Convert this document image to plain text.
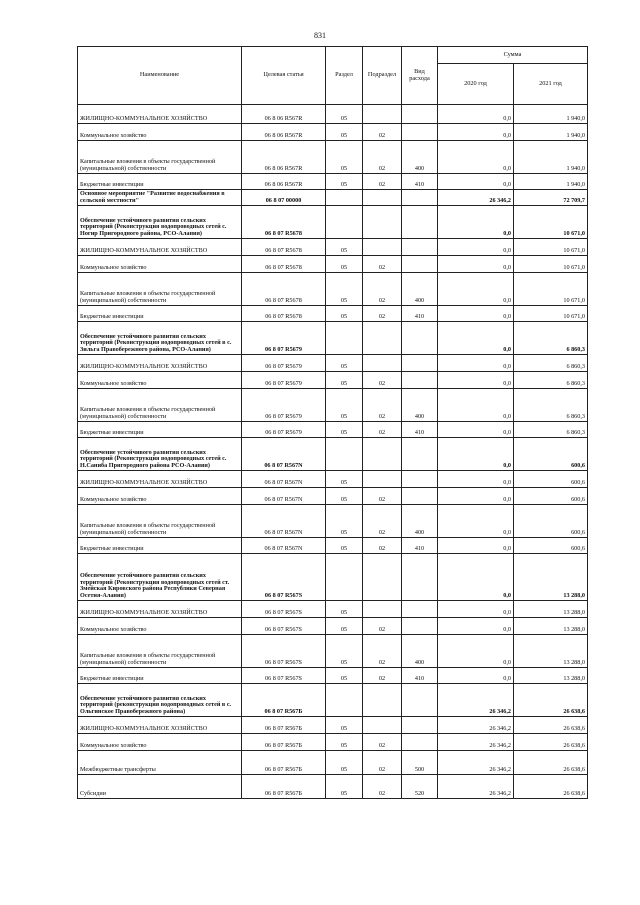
831
Наименование	Целевая статья	Раздел	Подраздел	Вид расхода	Сумма	
					2020 год	2021 год
ЖИЛИЩНО-КОММУНАЛЬНОЕ ХОЗЯЙСТВО	06 8 06 R567R	05			0,0	1 940,0
Коммунальное хозяйство	06 8 06 R567R	05	02		0,0	1 940,0
Капитальные вложения в объекты государственной (муниципальной) собственности	06 8 06 R567R	05	02	400	0,0	1 940,0
Бюджетные инвестиции	06 8 06 R567R	05	02	410	0,0	1 940,0
Основное мероприятие "Развитие водоснабжения в сельской местности"	06 8 07 00000				26 346,2	72 709,7
Обеспечение устойчивого развития сельских территорий (Реконструкция водопроводных сетей с. Ногир Пригородного района, РСО-Алания)	06 8 07 R5678				0,0	10 671,0
ЖИЛИЩНО-КОММУНАЛЬНОЕ ХОЗЯЙСТВО	06 8 07 R5678	05			0,0	10 671,0
Коммунальное хозяйство	06 8 07 R5678	05	02		0,0	10 671,0
Капитальные вложения в объекты государственной (муниципальной) собственности	06 8 07 R5678	05	02	400	0,0	10 671,0
Бюджетные инвестиции	06 8 07 R5678	05	02	410	0,0	10 671,0
Обеспечение устойчивого развития сельских территорий (Реконструкция водопроводных сетей в с. Зильга Правобережного района, РСО-Алания)	06 8 07 R5679				0,0	6 860,3
ЖИЛИЩНО-КОММУНАЛЬНОЕ ХОЗЯЙСТВО	06 8 07 R5679	05			0,0	6 860,3
Коммунальное хозяйство	06 8 07 R5679	05	02		0,0	6 860,3
Капитальные вложения в объекты государственной (муниципальной) собственности	06 8 07 R5679	05	02	400	0,0	6 860,3
Бюджетные инвестиции	06 8 07 R5679	05	02	410	0,0	6 860,3
Обеспечение устойчивого развития сельских территорий (Реконструкция водопроводных сетей с. Н.Саниба Пригородного района РСО-Алания)	06 8 07 R567N				0,0	600,6
ЖИЛИЩНО-КОММУНАЛЬНОЕ ХОЗЯЙСТВО	06 8 07 R567N	05			0,0	600,6
Коммунальное хозяйство	06 8 07 R567N	05	02		0,0	600,6
Капитальные вложения в объекты государственной (муниципальной) собственности	06 8 07 R567N	05	02	400	0,0	600,6
Бюджетные инвестиции	06 8 07 R567N	05	02	410	0,0	600,6
Обеспечение устойчивого развития сельских территорий (Реконструкция водопроводных сетей ст. Змейская Кировского района Республики Северная Осетия-Алания)	06 8 07 R567S				0,0	13 288,0
ЖИЛИЩНО-КОММУНАЛЬНОЕ ХОЗЯЙСТВО	06 8 07 R567S	05			0,0	13 288,0
Коммунальное хозяйство	06 8 07 R567S	05	02		0,0	13 288,0
Капитальные вложения в объекты государственной (муниципальной) собственности	06 8 07 R567S	05	02	400	0,0	13 288,0
Бюджетные инвестиции	06 8 07 R567S	05	02	410	0,0	13 288,0
Обеспечение устойчивого развития сельских территорий (реконструкция водопроводных сетей в с. Ольгинское Правобережного района)	06 8 07 R567Б				26 346,2	26 638,6
ЖИЛИЩНО-КОММУНАЛЬНОЕ ХОЗЯЙСТВО	06 8 07 R567Б	05			26 346,2	26 638,6
Коммунальное хозяйство	06 8 07 R567Б	05	02		26 346,2	26 638,6
Межбюджетные трансферты	06 8 07 R567Б	05	02	500	26 346,2	26 638,6
Субсидии	06 8 07 R567Б	05	02	520	26 346,2	26 638,6
